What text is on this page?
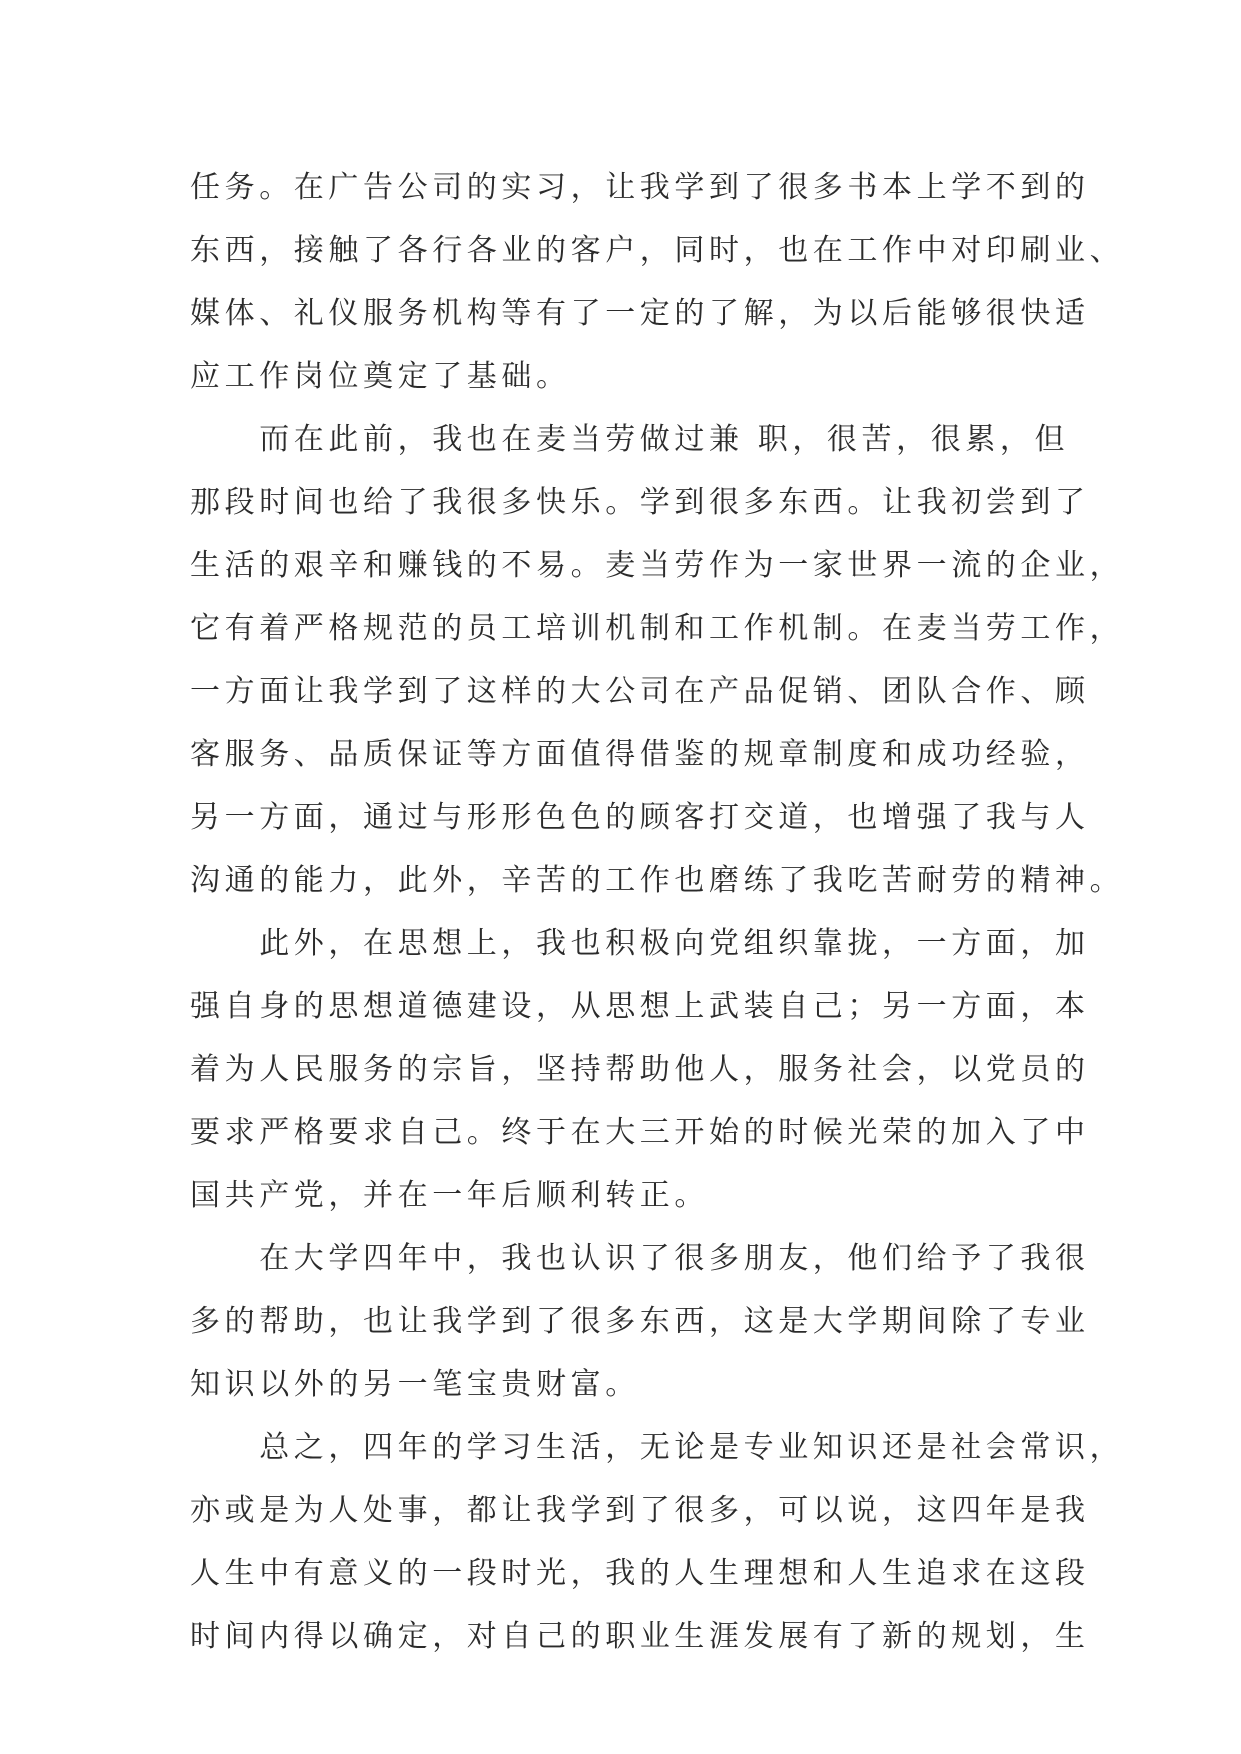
任务。在广告公司的实习，让我学到了很多书本上学不到的
东西，接触了各行各业的客户，同时，也在工作中对印刷业、
媒体、礼仪服务机构等有了一定的了解，为以后能够很快适
应工作岗位奠定了基础。
　　而在此前，我也在麦当劳做过兼 职，很苦，很累，但
那段时间也给了我很多快乐。学到很多东西。让我初尝到了
生活的艰辛和赚钱的不易。麦当劳作为一家世界一流的企业，
它有着严格规范的员工培训机制和工作机制。在麦当劳工作，
一方面让我学到了这样的大公司在产品促销、团队合作、顾
客服务、品质保证等方面值得借鉴的规章制度和成功经验，
另一方面，通过与形形色色的顾客打交道，也增强了我与人
沟通的能力，此外，辛苦的工作也磨练了我吃苦耐劳的精神。
　　此外，在思想上，我也积极向党组织靠拢，一方面，加
强自身的思想道德建设，从思想上武装自己；另一方面，本
着为人民服务的宗旨，坚持帮助他人，服务社会，以党员的
要求严格要求自己。终于在大三开始的时候光荣的加入了中
国共产党，并在一年后顺利转正。
　　在大学四年中，我也认识了很多朋友，他们给予了我很
多的帮助，也让我学到了很多东西，这是大学期间除了专业
知识以外的另一笔宝贵财富。
　　总之，四年的学习生活，无论是专业知识还是社会常识，
亦或是为人处事，都让我学到了很多，可以说，这四年是我
人生中有意义的一段时光，我的人生理想和人生追求在这段
时间内得以确定，对自己的职业生涯发展有了新的规划，生
